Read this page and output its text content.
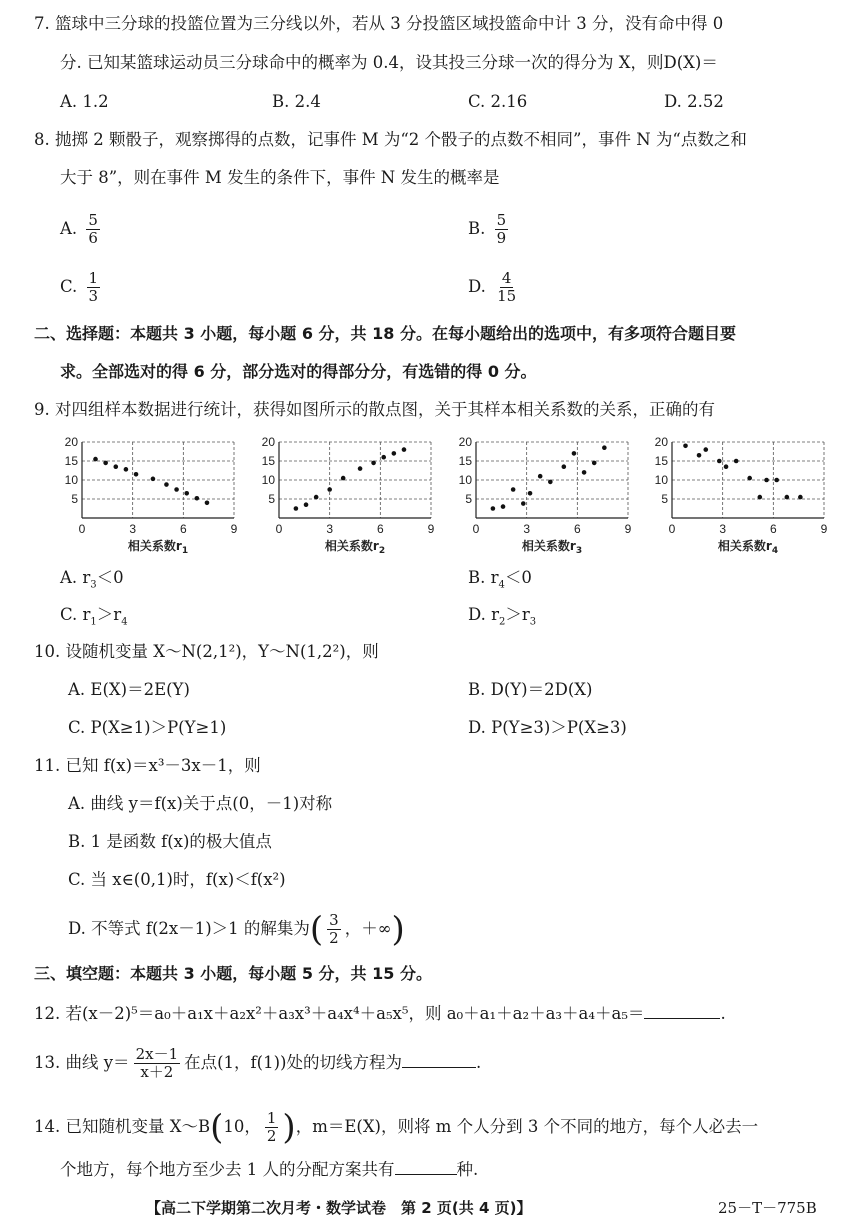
7. 篮球中三分球的投篮位置为三分线以外，若从 3 分投篮区域投篮命中计 3 分，没有命中得 0
分. 已知某篮球运动员三分球命中的概率为 0.4，设其投三分球一次的得分为 X，则D(X)＝
A. 1.2	B. 2.4	C. 2.16	D. 2.52
8. 抛掷 2 颗骰子，观察掷得的点数，记事件 M 为“2 个骰子的点数不相同”，事件 N 为“点数之和
大于 8”，则在事件 M 发生的条件下，事件 N 发生的概率是
A. $\frac{5}{6}$	B. $\frac{5}{9}$
C. $\frac{1}{3}$	D. $\frac{4}{15}$
二、选择题：本题共 3 小题，每小题 6 分，共 18 分。在每小题给出的选项中，有多项符合题目要
求。全部选对的得 6 分，部分选对的得部分分，有选错的得 0 分。
9. 对四组样本数据进行统计，获得如图所示的散点图，关于其样本相关系数的关系，正确的有
5
10
15
20
0	3	6	9
相关系数$r_1$
5
10
15
20
0	3	6	9
相关系数$r_2$
5
10
15
20
0	3	6	9
相关系数$r_3$
5
10
15
20
0	3	6	9
相关系数$r_4$
A. $r_3<0$	B. $r_4<0$
C. $r_1>r_4$	D. $r_2>r_3$
10. 设随机变量 X～N(2,1²)，Y～N(1,2²)，则
A. E(X)＝2E(Y)	B. D(Y)＝2D(X)
C. P(X≥1)＞P(Y≥1)	D. P(Y≥3)＞P(X≥3)
11. 已知 f(x)＝x³－3x－1，则
A. 曲线 y＝f(x)关于点(0，－1)对称
B. 1 是函数 f(x)的极大值点
C. 当 x∈(0,1)时，f(x)＜f(x²)
D. 不等式 f(2x－1)＞1 的解集为( $\frac{3}{2}$ ，＋∞)
三、填空题：本题共 3 小题，每小题 5 分，共 15 分。
12. 若(x－2)⁵＝a₀＋a₁x＋a₂x²＋a₃x³＋a₄x⁴＋a₅x⁵，则 a₀＋a₁＋a₂＋a₃＋a₄＋a₅＝	.
13. 曲线 $y= \frac{2x-1}{x+2}$ 在点(1，f(1))处的切线方程为	.
14. 已知随机变量 X～B(10， $\frac{1}{2}$ )，m＝E(X)，则将 m 个人分到 3 个不同的地方，每个人必去一
个地方，每个地方至少去 1 人的分配方案共有	种.
【高二下学期第二次月考・数学试卷　第 2 页(共 4 页)】	25－T－775B
